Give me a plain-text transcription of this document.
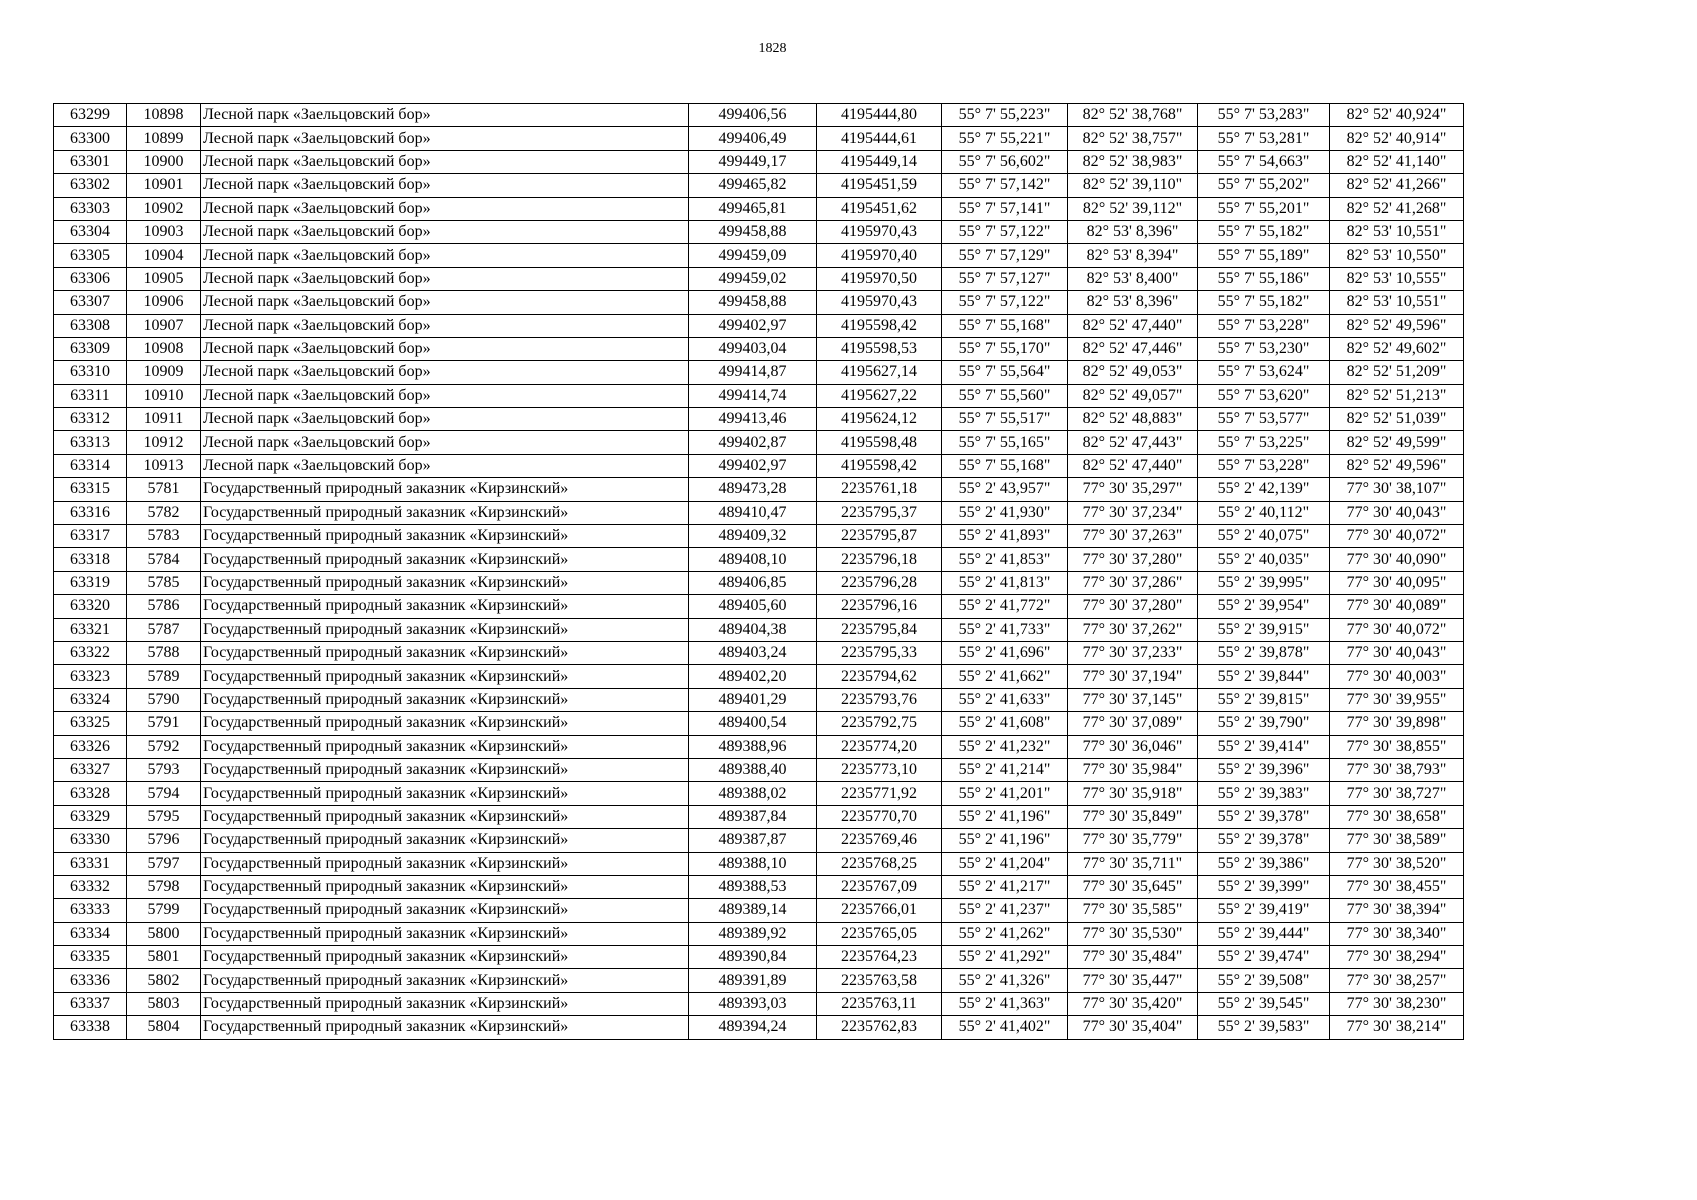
1828
63299	10898	Лесной парк «Заельцовский бор»	499406,56	4195444,80	55° 7' 55,223"	82° 52' 38,768"	55° 7' 53,283"	82° 52' 40,924"
63300	10899	Лесной парк «Заельцовский бор»	499406,49	4195444,61	55° 7' 55,221"	82° 52' 38,757"	55° 7' 53,281"	82° 52' 40,914"
63301	10900	Лесной парк «Заельцовский бор»	499449,17	4195449,14	55° 7' 56,602"	82° 52' 38,983"	55° 7' 54,663"	82° 52' 41,140"
63302	10901	Лесной парк «Заельцовский бор»	499465,82	4195451,59	55° 7' 57,142"	82° 52' 39,110"	55° 7' 55,202"	82° 52' 41,266"
63303	10902	Лесной парк «Заельцовский бор»	499465,81	4195451,62	55° 7' 57,141"	82° 52' 39,112"	55° 7' 55,201"	82° 52' 41,268"
63304	10903	Лесной парк «Заельцовский бор»	499458,88	4195970,43	55° 7' 57,122"	82° 53' 8,396"	55° 7' 55,182"	82° 53' 10,551"
63305	10904	Лесной парк «Заельцовский бор»	499459,09	4195970,40	55° 7' 57,129"	82° 53' 8,394"	55° 7' 55,189"	82° 53' 10,550"
63306	10905	Лесной парк «Заельцовский бор»	499459,02	4195970,50	55° 7' 57,127"	82° 53' 8,400"	55° 7' 55,186"	82° 53' 10,555"
63307	10906	Лесной парк «Заельцовский бор»	499458,88	4195970,43	55° 7' 57,122"	82° 53' 8,396"	55° 7' 55,182"	82° 53' 10,551"
63308	10907	Лесной парк «Заельцовский бор»	499402,97	4195598,42	55° 7' 55,168"	82° 52' 47,440"	55° 7' 53,228"	82° 52' 49,596"
63309	10908	Лесной парк «Заельцовский бор»	499403,04	4195598,53	55° 7' 55,170"	82° 52' 47,446"	55° 7' 53,230"	82° 52' 49,602"
63310	10909	Лесной парк «Заельцовский бор»	499414,87	4195627,14	55° 7' 55,564"	82° 52' 49,053"	55° 7' 53,624"	82° 52' 51,209"
63311	10910	Лесной парк «Заельцовский бор»	499414,74	4195627,22	55° 7' 55,560"	82° 52' 49,057"	55° 7' 53,620"	82° 52' 51,213"
63312	10911	Лесной парк «Заельцовский бор»	499413,46	4195624,12	55° 7' 55,517"	82° 52' 48,883"	55° 7' 53,577"	82° 52' 51,039"
63313	10912	Лесной парк «Заельцовский бор»	499402,87	4195598,48	55° 7' 55,165"	82° 52' 47,443"	55° 7' 53,225"	82° 52' 49,599"
63314	10913	Лесной парк «Заельцовский бор»	499402,97	4195598,42	55° 7' 55,168"	82° 52' 47,440"	55° 7' 53,228"	82° 52' 49,596"
63315	5781	Государственный природный заказник «Кирзинский»	489473,28	2235761,18	55° 2' 43,957"	77° 30' 35,297"	55° 2' 42,139"	77° 30' 38,107"
63316	5782	Государственный природный заказник «Кирзинский»	489410,47	2235795,37	55° 2' 41,930"	77° 30' 37,234"	55° 2' 40,112"	77° 30' 40,043"
63317	5783	Государственный природный заказник «Кирзинский»	489409,32	2235795,87	55° 2' 41,893"	77° 30' 37,263"	55° 2' 40,075"	77° 30' 40,072"
63318	5784	Государственный природный заказник «Кирзинский»	489408,10	2235796,18	55° 2' 41,853"	77° 30' 37,280"	55° 2' 40,035"	77° 30' 40,090"
63319	5785	Государственный природный заказник «Кирзинский»	489406,85	2235796,28	55° 2' 41,813"	77° 30' 37,286"	55° 2' 39,995"	77° 30' 40,095"
63320	5786	Государственный природный заказник «Кирзинский»	489405,60	2235796,16	55° 2' 41,772"	77° 30' 37,280"	55° 2' 39,954"	77° 30' 40,089"
63321	5787	Государственный природный заказник «Кирзинский»	489404,38	2235795,84	55° 2' 41,733"	77° 30' 37,262"	55° 2' 39,915"	77° 30' 40,072"
63322	5788	Государственный природный заказник «Кирзинский»	489403,24	2235795,33	55° 2' 41,696"	77° 30' 37,233"	55° 2' 39,878"	77° 30' 40,043"
63323	5789	Государственный природный заказник «Кирзинский»	489402,20	2235794,62	55° 2' 41,662"	77° 30' 37,194"	55° 2' 39,844"	77° 30' 40,003"
63324	5790	Государственный природный заказник «Кирзинский»	489401,29	2235793,76	55° 2' 41,633"	77° 30' 37,145"	55° 2' 39,815"	77° 30' 39,955"
63325	5791	Государственный природный заказник «Кирзинский»	489400,54	2235792,75	55° 2' 41,608"	77° 30' 37,089"	55° 2' 39,790"	77° 30' 39,898"
63326	5792	Государственный природный заказник «Кирзинский»	489388,96	2235774,20	55° 2' 41,232"	77° 30' 36,046"	55° 2' 39,414"	77° 30' 38,855"
63327	5793	Государственный природный заказник «Кирзинский»	489388,40	2235773,10	55° 2' 41,214"	77° 30' 35,984"	55° 2' 39,396"	77° 30' 38,793"
63328	5794	Государственный природный заказник «Кирзинский»	489388,02	2235771,92	55° 2' 41,201"	77° 30' 35,918"	55° 2' 39,383"	77° 30' 38,727"
63329	5795	Государственный природный заказник «Кирзинский»	489387,84	2235770,70	55° 2' 41,196"	77° 30' 35,849"	55° 2' 39,378"	77° 30' 38,658"
63330	5796	Государственный природный заказник «Кирзинский»	489387,87	2235769,46	55° 2' 41,196"	77° 30' 35,779"	55° 2' 39,378"	77° 30' 38,589"
63331	5797	Государственный природный заказник «Кирзинский»	489388,10	2235768,25	55° 2' 41,204"	77° 30' 35,711"	55° 2' 39,386"	77° 30' 38,520"
63332	5798	Государственный природный заказник «Кирзинский»	489388,53	2235767,09	55° 2' 41,217"	77° 30' 35,645"	55° 2' 39,399"	77° 30' 38,455"
63333	5799	Государственный природный заказник «Кирзинский»	489389,14	2235766,01	55° 2' 41,237"	77° 30' 35,585"	55° 2' 39,419"	77° 30' 38,394"
63334	5800	Государственный природный заказник «Кирзинский»	489389,92	2235765,05	55° 2' 41,262"	77° 30' 35,530"	55° 2' 39,444"	77° 30' 38,340"
63335	5801	Государственный природный заказник «Кирзинский»	489390,84	2235764,23	55° 2' 41,292"	77° 30' 35,484"	55° 2' 39,474"	77° 30' 38,294"
63336	5802	Государственный природный заказник «Кирзинский»	489391,89	2235763,58	55° 2' 41,326"	77° 30' 35,447"	55° 2' 39,508"	77° 30' 38,257"
63337	5803	Государственный природный заказник «Кирзинский»	489393,03	2235763,11	55° 2' 41,363"	77° 30' 35,420"	55° 2' 39,545"	77° 30' 38,230"
63338	5804	Государственный природный заказник «Кирзинский»	489394,24	2235762,83	55° 2' 41,402"	77° 30' 35,404"	55° 2' 39,583"	77° 30' 38,214"
